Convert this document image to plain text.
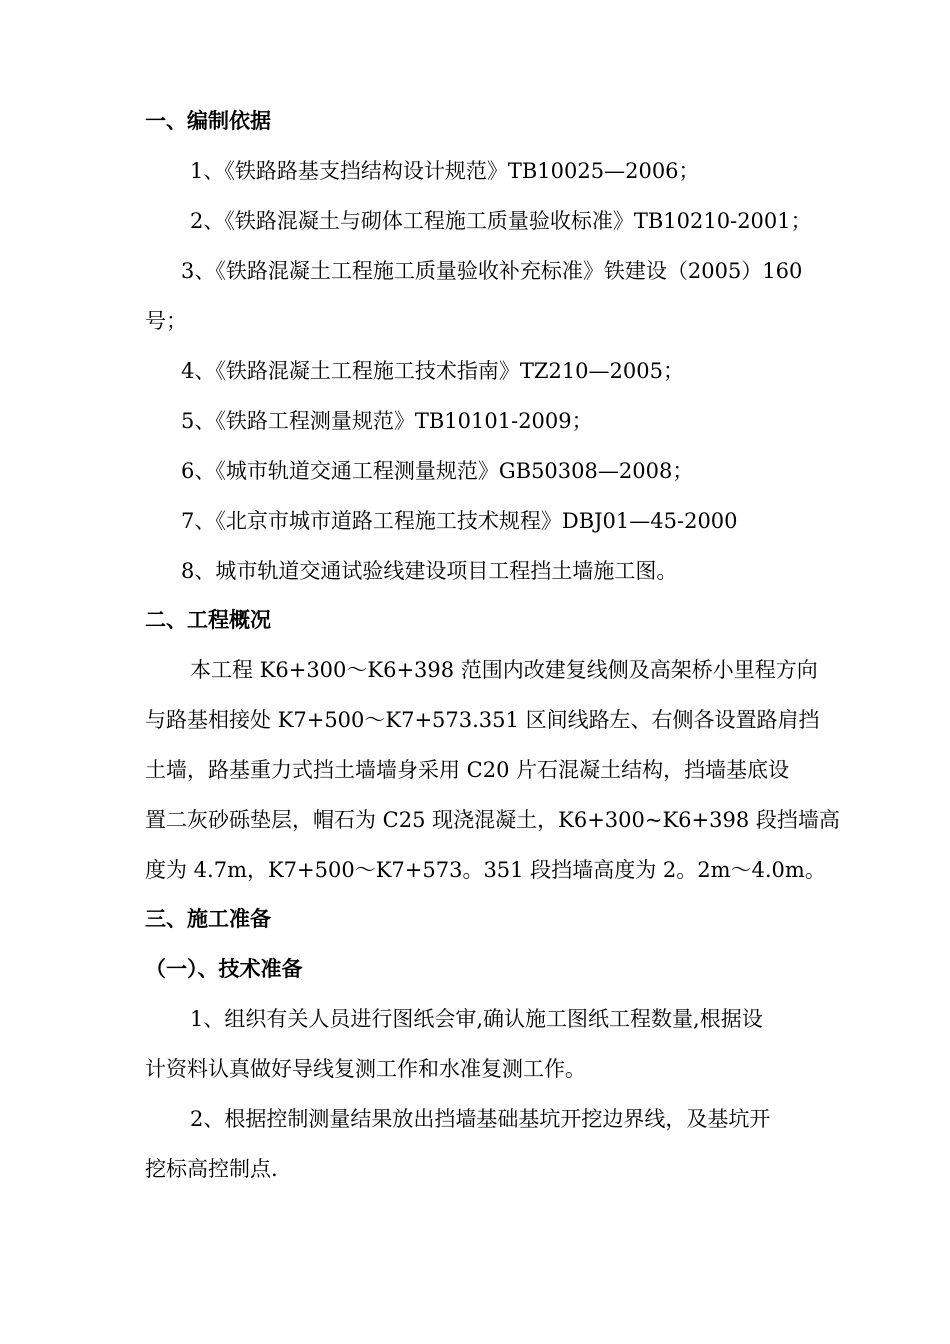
一、编制依据
1、《铁路路基支挡结构设计规范》TB10025—2006；
2、《铁路混凝土与砌体工程施工质量验收标准》TB10210-2001；
3、《铁路混凝土工程施工质量验收补充标准》铁建设（2005）160
号；
4、《铁路混凝土工程施工技术指南》TZ210—2005；
5、《铁路工程测量规范》TB10101-2009；
6、《城市轨道交通工程测量规范》GB50308—2008；
7、《北京市城市道路工程施工技术规程》DBJ01—45-2000
8、城市轨道交通试验线建设项目工程挡土墙施工图。
二、工程概况
本工程 K6+300～K6+398 范围内改建复线侧及高架桥小里程方向
与路基相接处 K7+500～K7+573.351 区间线路左、右侧各设置路肩挡
土墙，路基重力式挡土墙墙身采用 C20 片石混凝土结构，挡墙基底设
置二灰砂砾垫层，帽石为 C25 现浇混凝土，K6+300~K6+398 段挡墙高
度为 4.7m，K7+500～K7+573。351 段挡墙高度为 2。2m～4.0m。
三、施工准备
（一）、技术准备
1、组织有关人员进行图纸会审,确认施工图纸工程数量,根据设
计资料认真做好导线复测工作和水准复测工作。
2、根据控制测量结果放出挡墙基础基坑开挖边界线，及基坑开
挖标高控制点.
